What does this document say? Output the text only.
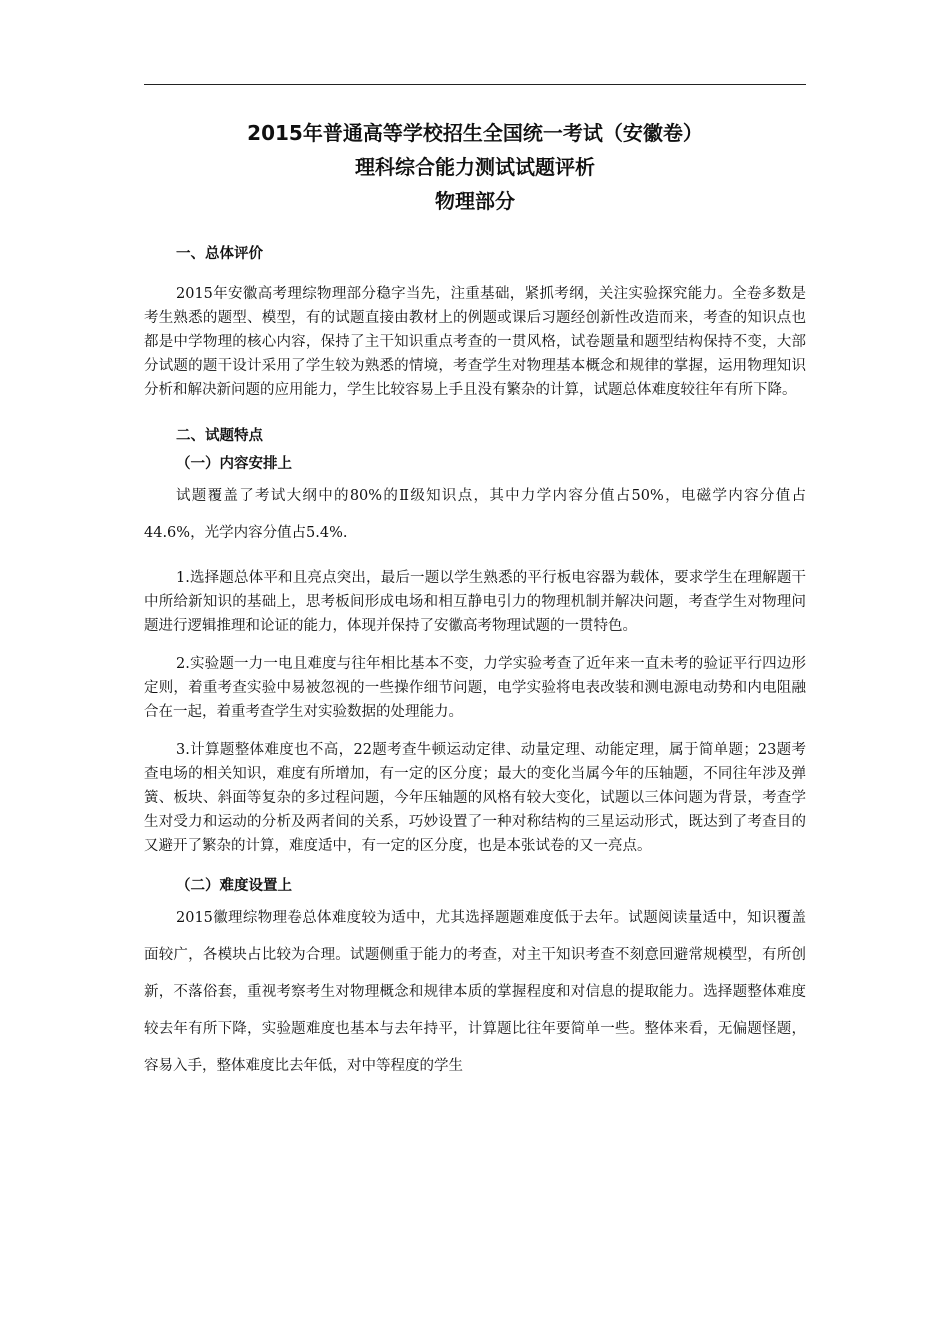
2015年普通高等学校招生全国统一考试（安徽卷）
理科综合能力测试试题评析
物理部分
一、总体评价

2015年安徽高考理综物理部分稳字当先，注重基础，紧抓考纲，关注实验探究能力。全卷多数是考生熟悉的题型、模型，有的试题直接由教材上的例题或课后习题经创新性改造而来，考查的知识点也都是中学物理的核心内容，保持了主干知识重点考查的一贯风格，试卷题量和题型结构保持不变，大部分试题的题干设计采用了学生较为熟悉的情境，考查学生对物理基本概念和规律的掌握，运用物理知识分析和解决新问题的应用能力，学生比较容易上手且没有繁杂的计算，试题总体难度较往年有所下降。

二、试题特点
（一）内容安排上

试题覆盖了考试大纲中的80%的Ⅱ级知识点，其中力学内容分值占50%，电磁学内容分值占44.6%，光学内容分值占5.4%.

1.选择题总体平和且亮点突出，最后一题以学生熟悉的平行板电容器为载体，要求学生在理解题干中所给新知识的基础上，思考板间形成电场和相互静电引力的物理机制并解决问题，考查学生对物理问题进行逻辑推理和论证的能力，体现并保持了安徽高考物理试题的一贯特色。

2.实验题一力一电且难度与往年相比基本不变，力学实验考查了近年来一直未考的验证平行四边形定则，着重考查实验中易被忽视的一些操作细节问题，电学实验将电表改装和测电源电动势和内电阻融合在一起，着重考查学生对实验数据的处理能力。

3.计算题整体难度也不高，22题考查牛顿运动定律、动量定理、动能定理，属于简单题；23题考查电场的相关知识，难度有所增加，有一定的区分度；最大的变化当属今年的压轴题，不同往年涉及弹簧、板块、斜面等复杂的多过程问题，今年压轴题的风格有较大变化，试题以三体问题为背景，考查学生对受力和运动的分析及两者间的关系，巧妙设置了一种对称结构的三星运动形式，既达到了考查目的又避开了繁杂的计算，难度适中，有一定的区分度，也是本张试卷的又一亮点。

（二）难度设置上

2015徽理综物理卷总体难度较为适中，尤其选择题题难度低于去年。试题阅读量适中，知识覆盖面较广，各模块占比较为合理。试题侧重于能力的考查，对主干知识考查不刻意回避常规模型，有所创新，不落俗套，重视考察考生对物理概念和规律本质的掌握程度和对信息的提取能力。选择题整体难度较去年有所下降，实验题难度也基本与去年持平，计算题比往年要简单一些。整体来看，无偏题怪题，容易入手，整体难度比去年低，对中等程度的学生
